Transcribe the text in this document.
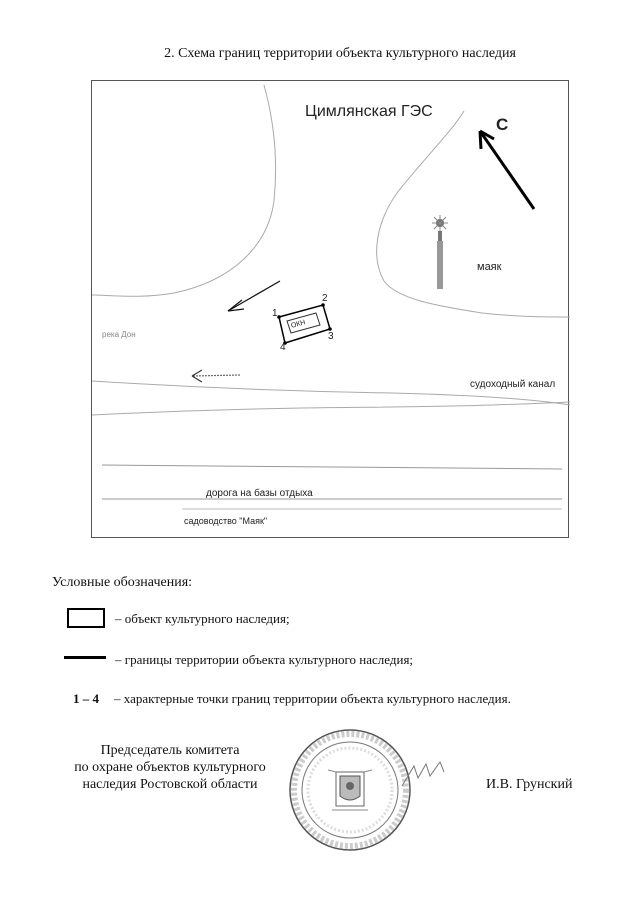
2. Схема границ территории объекта культурного наследия
Цимлянская ГЭС
С
маяк
река Дон
судоходный канал
дорога на базы отдыха
садоводство "Маяк"
ОКН
1
2
3
4
Условные обозначения:
– объект культурного наследия;
– границы территории объекта культурного наследия;
1 – 4 – характерные точки границ территории объекта культурного наследия.
Председатель комитета
по охране объектов культурного
наследия Ростовской области	И.В. Грунский
